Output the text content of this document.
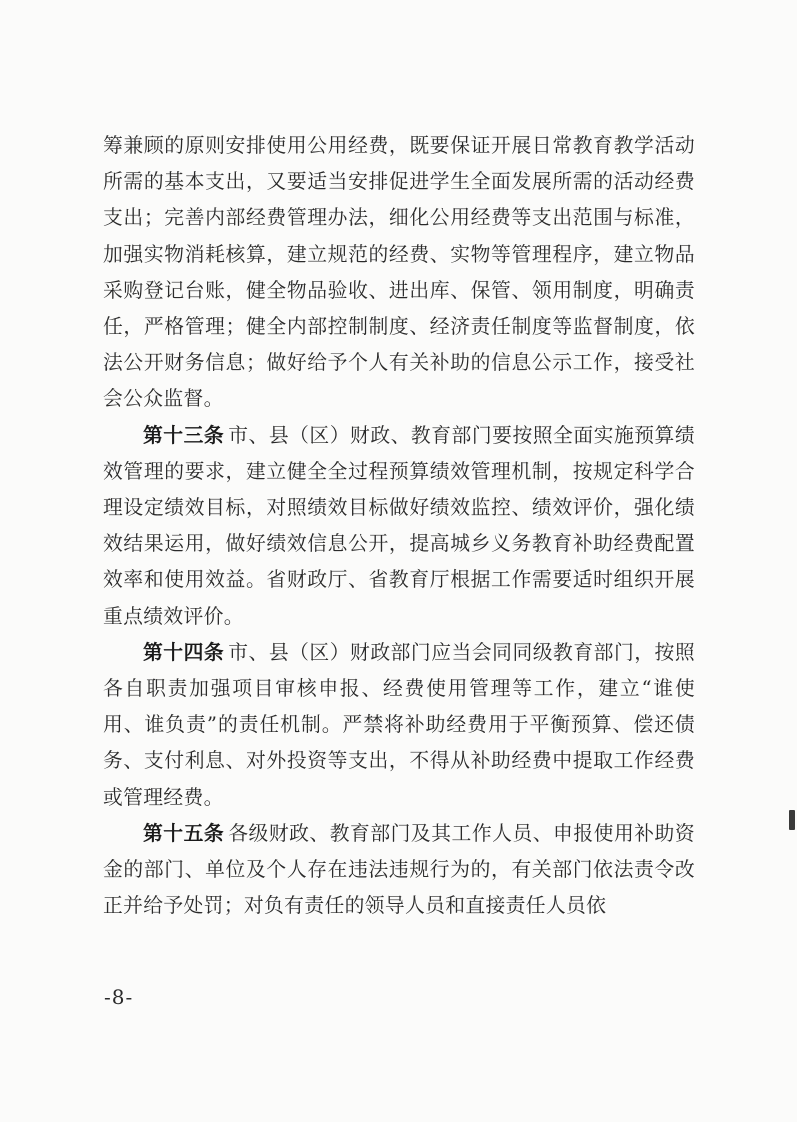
筹兼顾的原则安排使用公用经费，既要保证开展日常教育教学活动所需的基本支出，又要适当安排促进学生全面发展所需的活动经费支出；完善内部经费管理办法，细化公用经费等支出范围与标准，加强实物消耗核算，建立规范的经费、实物等管理程序，建立物品采购登记台账，健全物品验收、进出库、保管、领用制度，明确责任，严格管理；健全内部控制制度、经济责任制度等监督制度，依法公开财务信息；做好给予个人有关补助的信息公示工作，接受社会公众监督。

第十三条 市、县（区）财政、教育部门要按照全面实施预算绩效管理的要求，建立健全全过程预算绩效管理机制，按规定科学合理设定绩效目标，对照绩效目标做好绩效监控、绩效评价，强化绩效结果运用，做好绩效信息公开，提高城乡义务教育补助经费配置效率和使用效益。省财政厅、省教育厅根据工作需要适时组织开展重点绩效评价。

第十四条 市、县（区）财政部门应当会同同级教育部门，按照各自职责加强项目审核申报、经费使用管理等工作，建立“谁使用、谁负责”的责任机制。严禁将补助经费用于平衡预算、偿还债务、支付利息、对外投资等支出，不得从补助经费中提取工作经费或管理经费。

第十五条 各级财政、教育部门及其工作人员、申报使用补助资金的部门、单位及个人存在违法违规行为的，有关部门依法责令改正并给予处罚；对负有责任的领导人员和直接责任人员依

-8-
